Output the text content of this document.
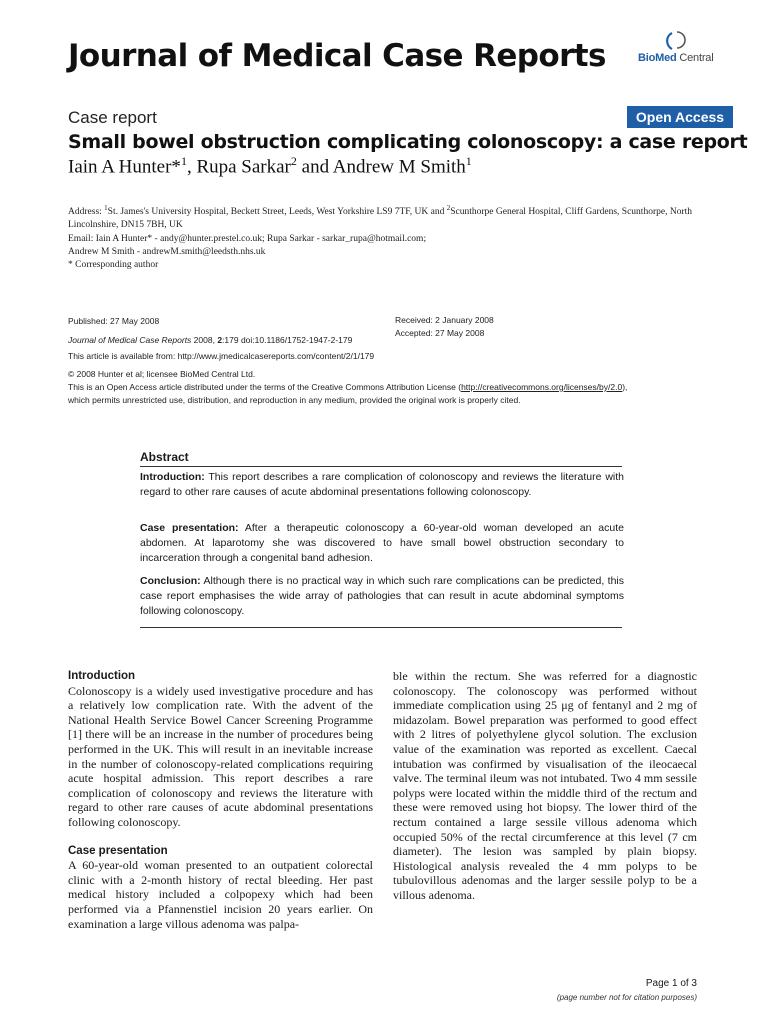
Journal of Medical Case Reports	BioMed Central
Case report	Open Access
Small bowel obstruction complicating colonoscopy: a case report
Iain A Hunter*$^1$, Rupa Sarkar$^2$ and Andrew M Smith$^1$
Address: $^1$St. James's University Hospital, Beckett Street, Leeds, West Yorkshire LS9 7TF, UK and $^2$Scunthorpe General Hospital, Cliff Gardens, Scunthorpe, North Lincolnshire, DN15 7BH, UK
Email: Iain A Hunter* - andy@hunter.prestel.co.uk; Rupa Sarkar - sarkar_rupa@hotmail.com;
Andrew M Smith - andrewM.smith@leedsth.nhs.uk
* Corresponding author
Published: 27 May 2008	Received: 2 January 2008
Accepted: 27 May 2008
Journal of Medical Case Reports 2008, 2:179 doi:10.1186/1752-1947-2-179
This article is available from: http://www.jmedicalcasereports.com/content/2/1/179
© 2008 Hunter et al; licensee BioMed Central Ltd.
This is an Open Access article distributed under the terms of the Creative Commons Attribution License (http://creativecommons.org/licenses/by/2.0),
which permits unrestricted use, distribution, and reproduction in any medium, provided the original work is properly cited.
Abstract
Introduction: This report describes a rare complication of colonoscopy and reviews the literature with regard to other rare causes of acute abdominal presentations following colonoscopy.
Case presentation: After a therapeutic colonoscopy a 60-year-old woman developed an acute abdomen. At laparotomy she was discovered to have small bowel obstruction secondary to incarceration through a congenital band adhesion.
Conclusion: Although there is no practical way in which such rare complications can be predicted, this case report emphasises the wide array of pathologies that can result in acute abdominal symptoms following colonoscopy.
Introduction
Colonoscopy is a widely used investigative procedure and has a relatively low complication rate. With the advent of the National Health Service Bowel Cancer Screening Programme [1] there will be an increase in the number of procedures being performed in the UK. This will result in an inevitable increase in the number of colonoscopy-related complications requiring acute hospital admission. This report describes a rare complication of colonoscopy and reviews the literature with regard to other rare causes of acute abdominal presentations following colonoscopy.
Case presentation
A 60-year-old woman presented to an outpatient colorectal clinic with a 2-month history of rectal bleeding. Her past medical history included a colpopexy which had been performed via a Pfannenstiel incision 20 years earlier. On examination a large villous adenoma was palpa-
ble within the rectum. She was referred for a diagnostic colonoscopy. The colonoscopy was performed without immediate complication using 25 μg of fentanyl and 2 mg of midazolam. Bowel preparation was performed to good effect with 2 litres of polyethylene glycol solution. The exclusion value of the examination was reported as excellent. Caecal intubation was confirmed by visualisation of the ileocaecal valve. The terminal ileum was not intubated. Two 4 mm sessile polyps were located within the middle third of the rectum and these were removed using hot biopsy. The lower third of the rectum contained a large sessile villous adenoma which occupied 50% of the rectal circumference at this level (7 cm diameter). The lesion was sampled by plain biopsy. Histological analysis revealed the 4 mm polyps to be tubulovillous adenomas and the larger sessile polyp to be a villous adenoma.
Page 1 of 3
(page number not for citation purposes)
